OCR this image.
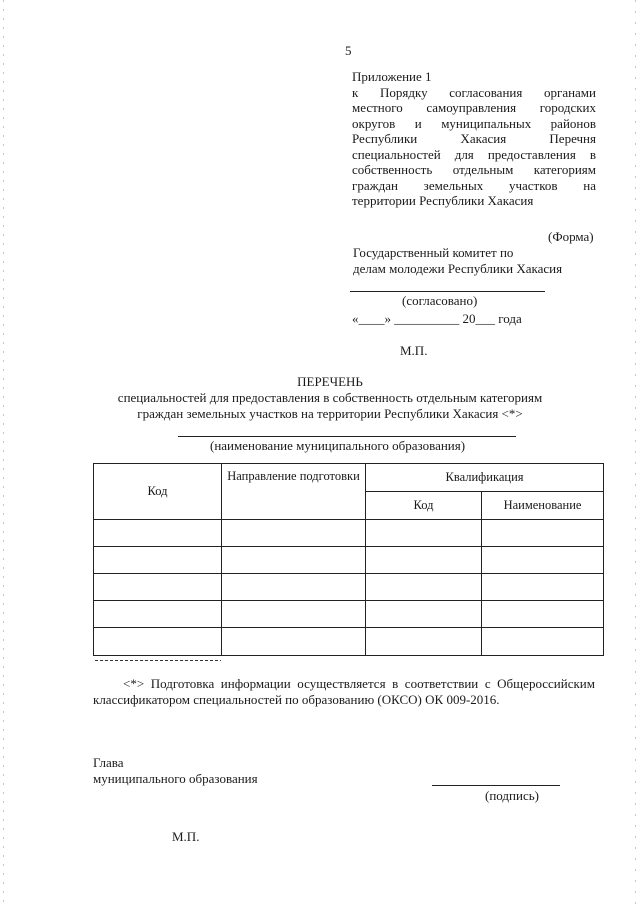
5
Приложение 1
к Порядку согласования органами
местного самоуправления городских
округов и муниципальных районов
Республики Хакасия Перечня
специальностей для предоставления в
собственность отдельным категориям
граждан земельных участков на
территории Республики Хакасия
(Форма)
Государственный комитет по
делам молодежи Республики Хакасия
(согласовано)
«____» __________ 20___ года
М.П.
ПЕРЕЧЕНЬ
специальностей для предоставления в собственность отдельным категориям
граждан земельных участков на территории Республики Хакасия <*>
(наименование муниципального образования)
Код	Направление подготовки	Квалификация	
		Код	Наименование

<*> Подготовка информации осуществляется в соответствии с Общероссийским классификатором специальностей по образованию (ОКСО) ОК 009-2016.
Глава
муниципального образования
(подпись)
М.П.
